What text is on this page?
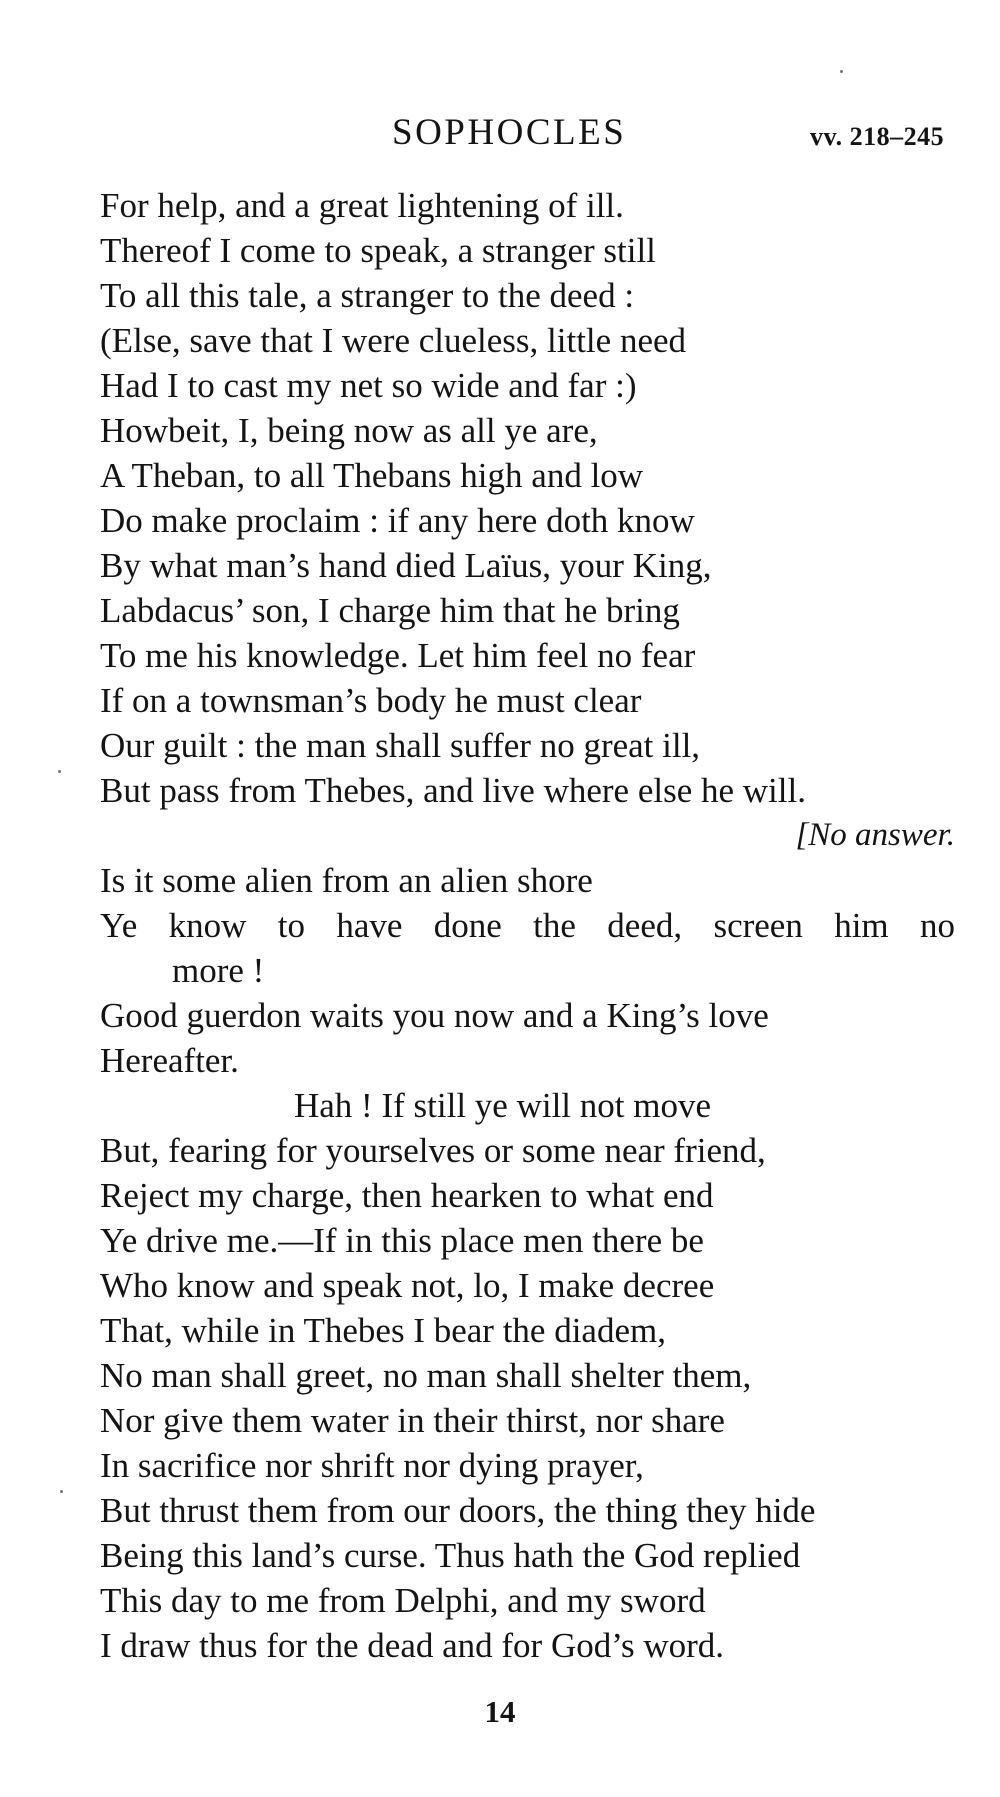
SOPHOCLES	vv. 218–245
For help, and a great lightening of ill.
Thereof I come to speak, a stranger still
To all this tale, a stranger to the deed :
(Else, save that I were clueless, little need
Had I to cast my net so wide and far :)
Howbeit, I, being now as all ye are,
A Theban, to all Thebans high and low
Do make proclaim : if any here doth know
By what man’s hand died Laïus, your King,
Labdacus’ son, I charge him that he bring
To me his knowledge. Let him feel no fear
If on a townsman’s body he must clear
Our guilt : the man shall suffer no great ill,
But pass from Thebes, and live where else he will.
[No answer.
Is it some alien from an alien shore
Ye know to have done the deed, screen him no
more !
Good guerdon waits you now and a King’s love
Hereafter.
Hah ! If still ye will not move
But, fearing for yourselves or some near friend,
Reject my charge, then hearken to what end
Ye drive me.—If in this place men there be
Who know and speak not, lo, I make decree
That, while in Thebes I bear the diadem,
No man shall greet, no man shall shelter them,
Nor give them water in their thirst, nor share
In sacrifice nor shrift nor dying prayer,
But thrust them from our doors, the thing they hide
Being this land’s curse. Thus hath the God replied
This day to me from Delphi, and my sword
I draw thus for the dead and for God’s word.
14
